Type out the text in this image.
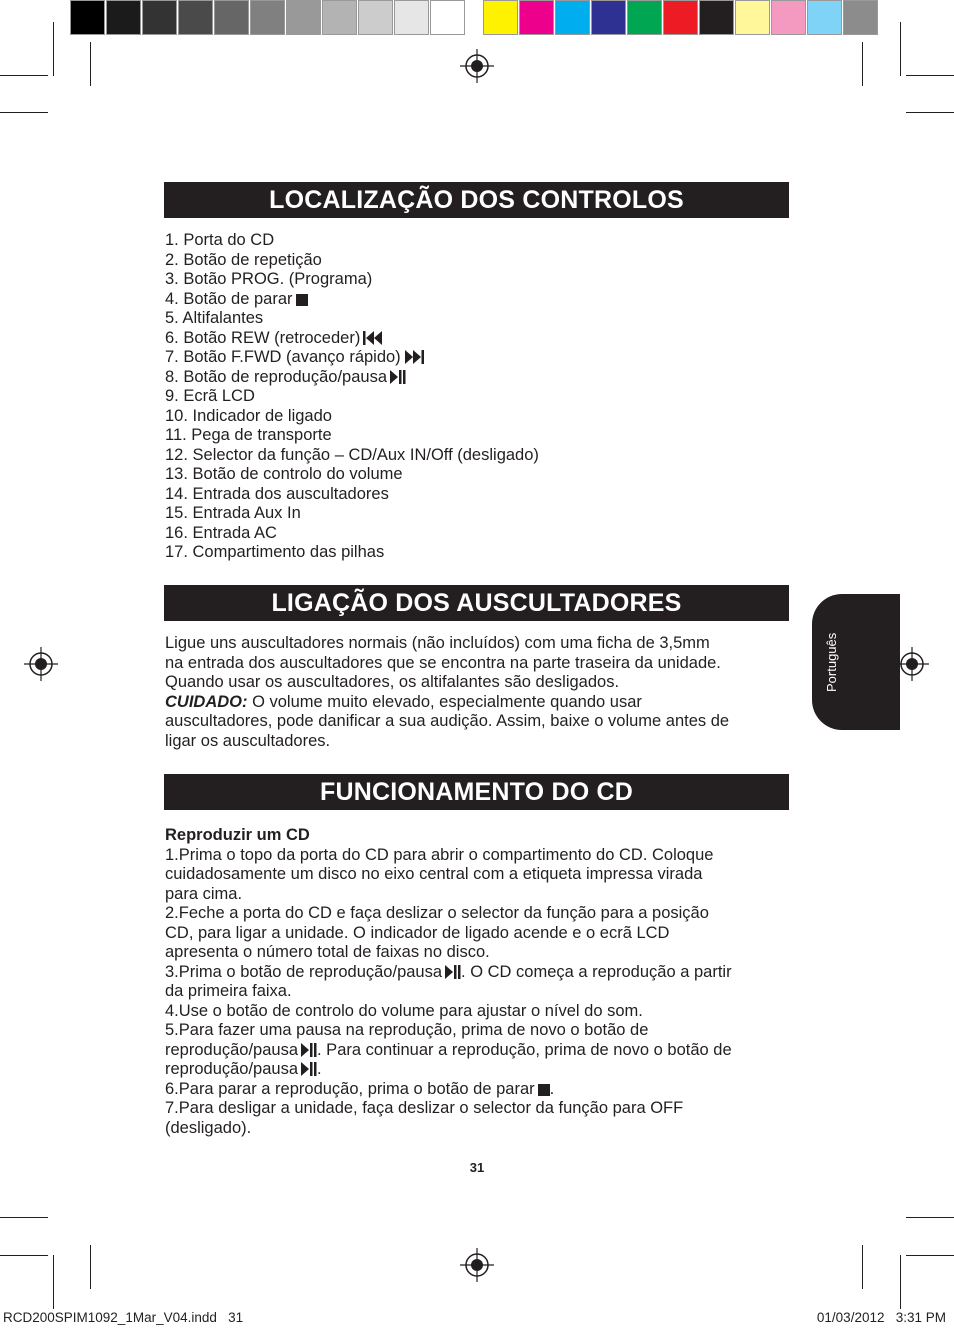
LOCALIZAÇÃO DOS CONTROLOS

1. Porta do CD

2. Botão de repetição

3. Botão PROG. (Programa)

4. Botão de parar

5. Altifalantes

6. Botão REW (retroceder)

7. Botão F.FWD (avanço rápido)

8. Botão de reprodução/pausa

9. Ecrã LCD

10. Indicador de ligado

11. Pega de transporte

12. Selector da função – CD/Aux IN/Off (desligado)

13. Botão de controlo do volume

14. Entrada dos auscultadores

15. Entrada Aux In

16. Entrada AC

17. Compartimento das pilhas

LIGAÇÃO DOS AUSCULTADORES

Ligue uns auscultadores normais (não incluídos) com uma ficha de 3,5mm

na entrada dos auscultadores que se encontra na parte traseira da unidade.

Quando usar os auscultadores, os altifalantes são desligados.

CUIDADO: O volume muito elevado, especialmente quando usar

auscultadores, pode danificar a sua audição. Assim, baixe o volume antes de

ligar os auscultadores.

FUNCIONAMENTO DO CD

Reproduzir um CD

1.Prima o topo da porta do CD para abrir o compartimento do CD. Coloque

cuidadosamente um disco no eixo central com a etiqueta impressa virada

para cima.

2.Feche a porta do CD e faça deslizar o selector da função para a posição

CD, para ligar a unidade. O indicador de ligado acende e o ecrã LCD

apresenta o número total de faixas no disco.

3.Prima o botão de reprodução/pausa . O CD começa a reprodução a partir

da primeira faixa.

4.Use o botão de controlo do volume para ajustar o nível do som.

5.Para fazer uma pausa na reprodução, prima de novo o botão de

reprodução/pausa . Para continuar a reprodução, prima de novo o botão de

reprodução/pausa .

6.Para parar a reprodução, prima o botão de parar .

7.Para desligar a unidade, faça deslizar o selector da função para OFF

(desligado).

Português
31
RCD200SPIM1092_1Mar_V04.indd   31	01/03/2012   3:31 PM
